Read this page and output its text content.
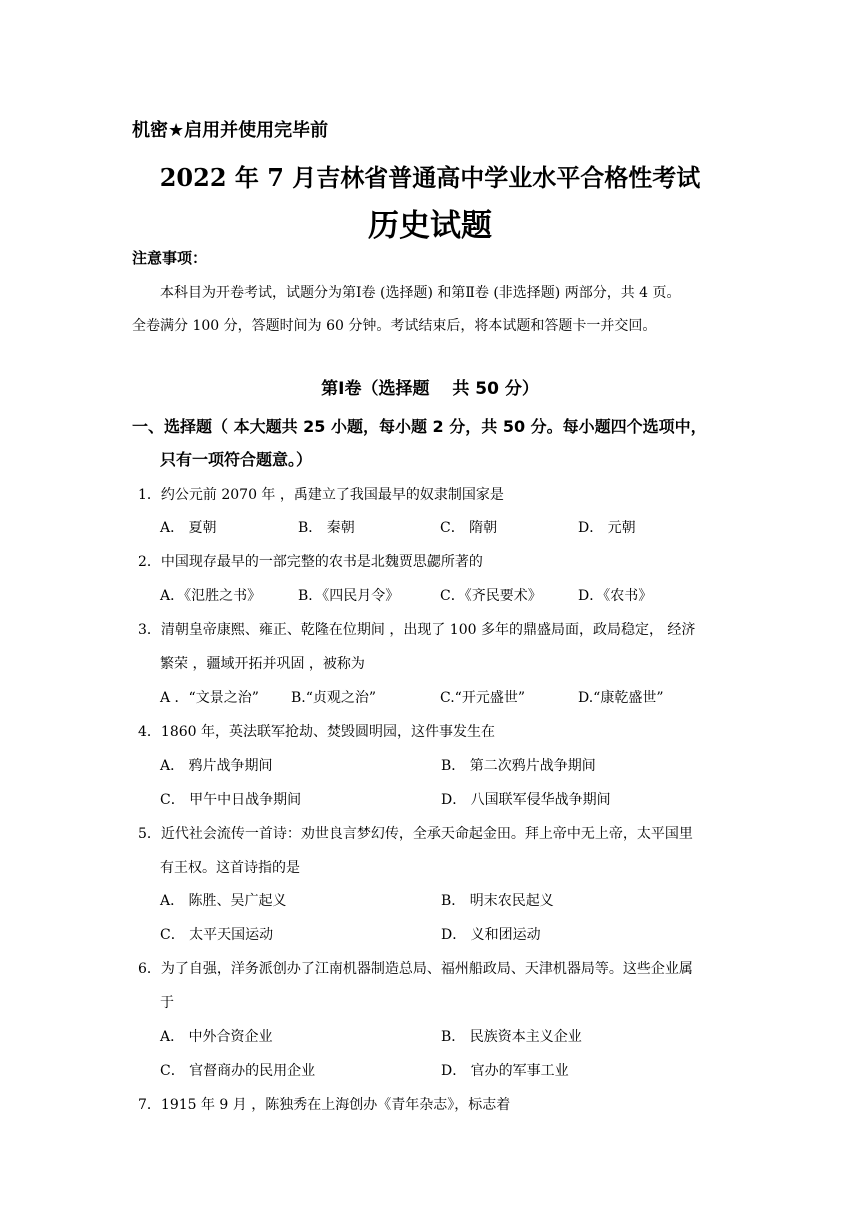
机密★启用并使用完毕前
2022 年 7 月吉林省普通高中学业水平合格性考试
历史试题
注意事项：
本科目为开卷考试，试题分为第Ⅰ卷 (选择题) 和第Ⅱ卷 (非选择题) 两部分，共 4 页。
全卷满分 100 分，答题时间为 60 分钟。考试结束后，将本试题和答题卡一并交回。
第Ⅰ卷（选择题　 共 50 分）
一、选择题（ 本大题共 25 小题，每小题 2 分，共 50 分。每小题四个选项中，
只有一项符合题意。）
1．约公元前 2070 年 ，禹建立了我国最早的奴隶制国家是
A． 夏朝	B． 秦朝	C． 隋朝	D． 元朝
2．中国现存最早的一部完整的农书是北魏贾思勰所著的
A．《氾胜之书》	B．《四民月令》	C．《齐民要术》	D．《农书》
3．清朝皇帝康熙、雍正、乾隆在位期间 ，出现了 100 多年的鼎盛局面，政局稳定， 经济
繁荣 ，疆域开拓并巩固 ，被称为
A ．“文景之治” B.“贞观之治”	C.“开元盛世”	D.“康乾盛世”
4．1860 年，英法联军抢劫、焚毁圆明园，这件事发生在
A． 鸦片战争期间	B． 第二次鸦片战争期间
C． 甲午中日战争期间	D． 八国联军侵华战争期间
5．近代社会流传一首诗：劝世良言梦幻传，全承天命起金田。拜上帝中无上帝，太平国里
有王权。这首诗指的是
A． 陈胜、吴广起义	B． 明末农民起义
C． 太平天国运动	D． 义和团运动
6．为了自强，洋务派创办了江南机器制造总局、福州船政局、天津机器局等。这些企业属
于
A． 中外合资企业	B． 民族资本主义企业
C． 官督商办的民用企业	D． 官办的军事工业
7．1915 年 9 月 ，陈独秀在上海创办《青年杂志》，标志着
